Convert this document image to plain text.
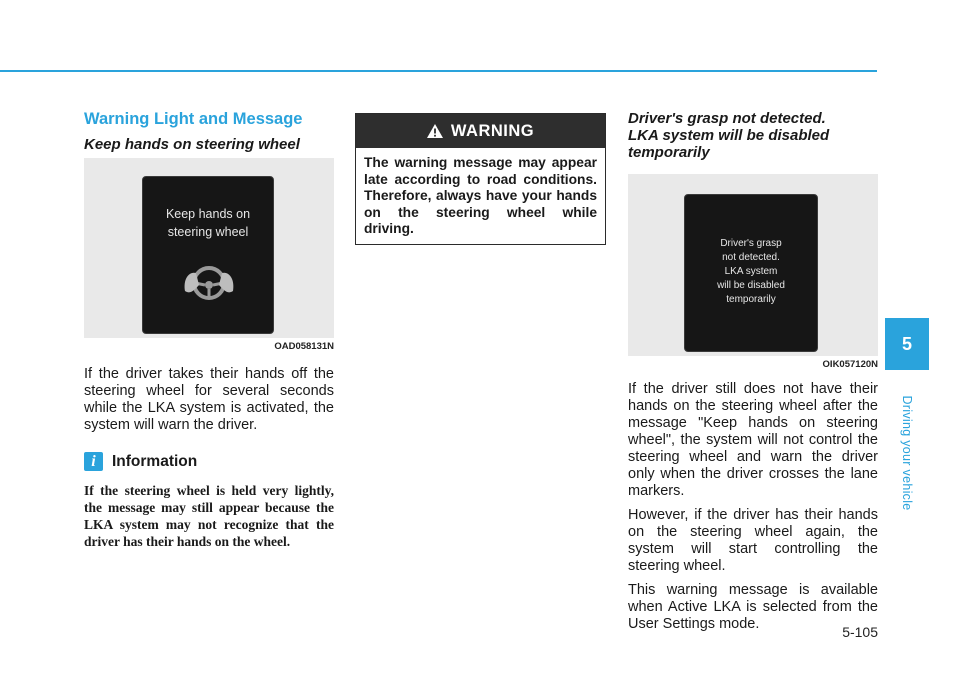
Warning Light and Message
Keep hands on steering wheel
Keep hands on
steering wheel
OAD058131N

If the driver takes their hands off the steering wheel for several seconds while the LKA system is activated, the system will warn the driver.

i	Information
If the steering wheel is held very lightly, the message may still appear because the LKA system may not recognize that the driver has their hands on the wheel.
WARNING
The warning message may appear late according to road conditions. Therefore, always have your hands on the steering wheel while driving.
Driver's grasp not detected.
LKA system will be disabled
temporarily
Driver's grasp
not detected.
LKA system
will be disabled
temporarily
OIK057120N

If the driver still does not have their hands on the steering wheel after the message "Keep hands on steering wheel", the system will not control the steering wheel and warn the driver only when the driver crosses the lane markers.

However, if the driver has their hands on the steering wheel again, the system will start controlling the steering wheel.

This warning message is available when Active LKA is selected from the User Settings mode.

5
Driving your vehicle
5-105
